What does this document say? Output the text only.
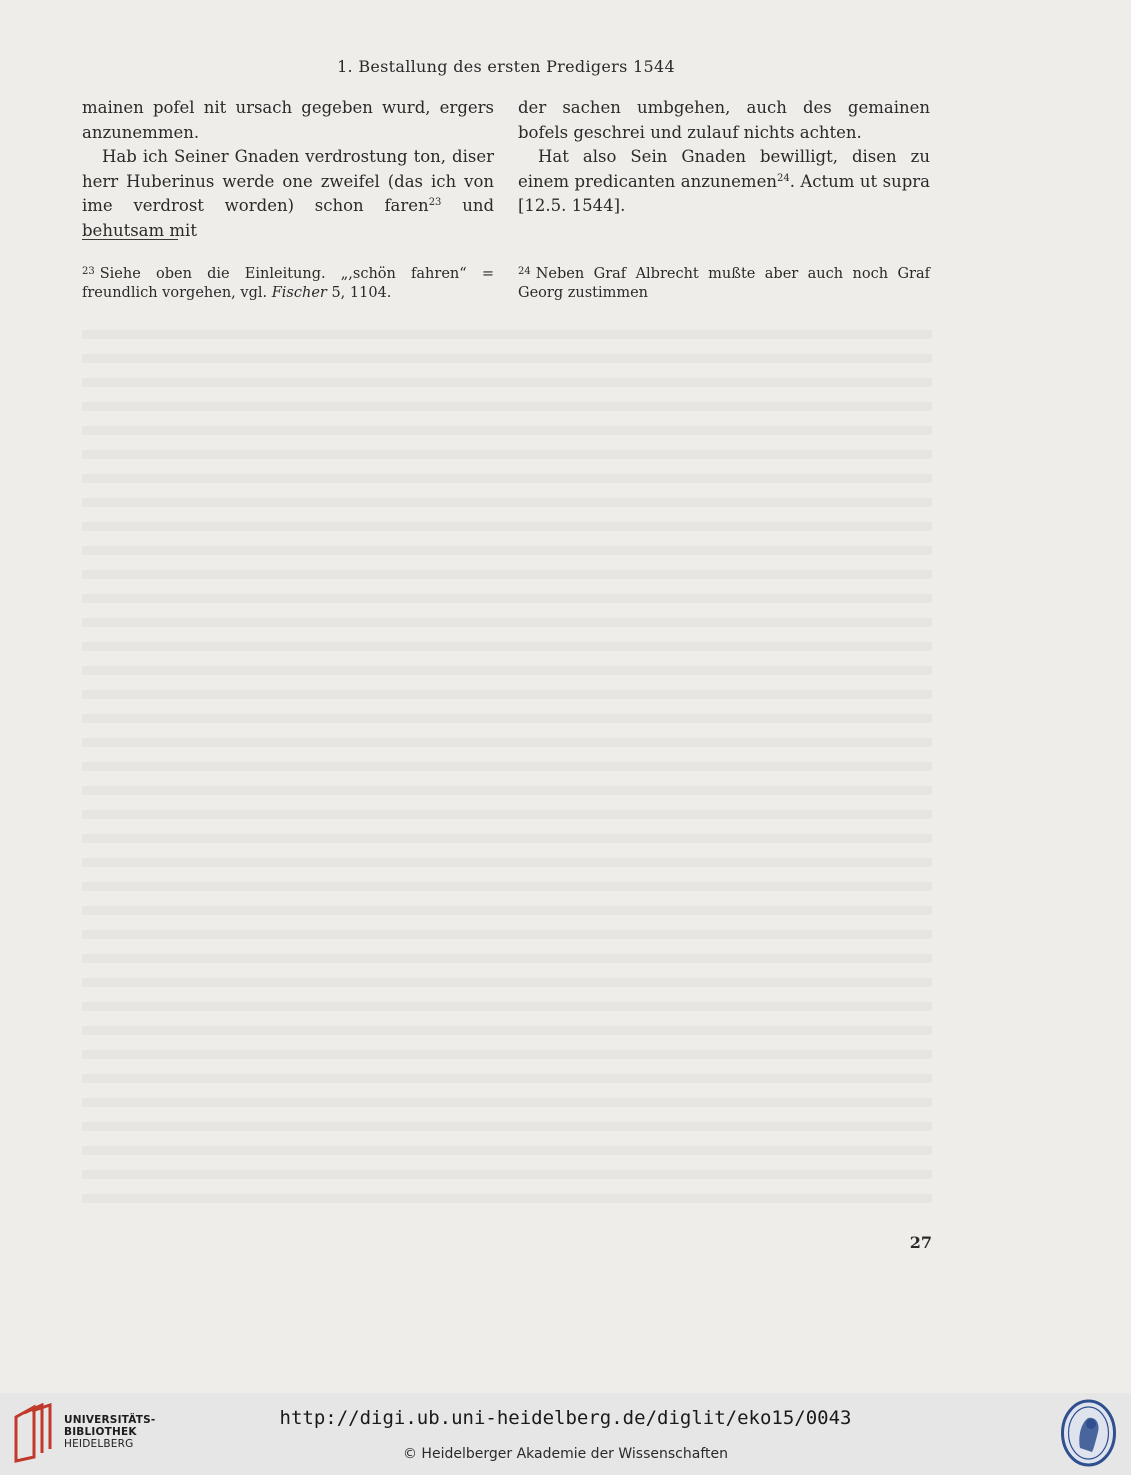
1. Bestallung des ersten Predigers 1544

mainen pofel nit ursach gegeben wurd, ergers anzunemmen.

Hab ich Seiner Gnaden verdrostung ton, diser herr Huberinus werde one zweifel (das ich von ime verdrost worden) schon faren$^{23}$ und behutsam mit

der sachen umbgehen, auch des gemainen bofels geschrei und zulauf nichts achten.

Hat also Sein Gnaden bewilligt, disen zu einem predicanten anzunemen$^{24}$. Actum ut supra [12.5. 1544].

$^{23}$ Siehe oben die Einleitung. „,schön fahren“ = freundlich vorgehen, vgl. Fischer 5, 1104.
$^{24}$ Neben Graf Albrecht mußte aber auch noch Graf Georg zustimmen
27
UNIVERSITÄTS-
BIBLIOTHEK
HEIDELBERG
http://digi.ub.uni-heidelberg.de/diglit/eko15/0043
© Heidelberger Akademie der Wissenschaften
